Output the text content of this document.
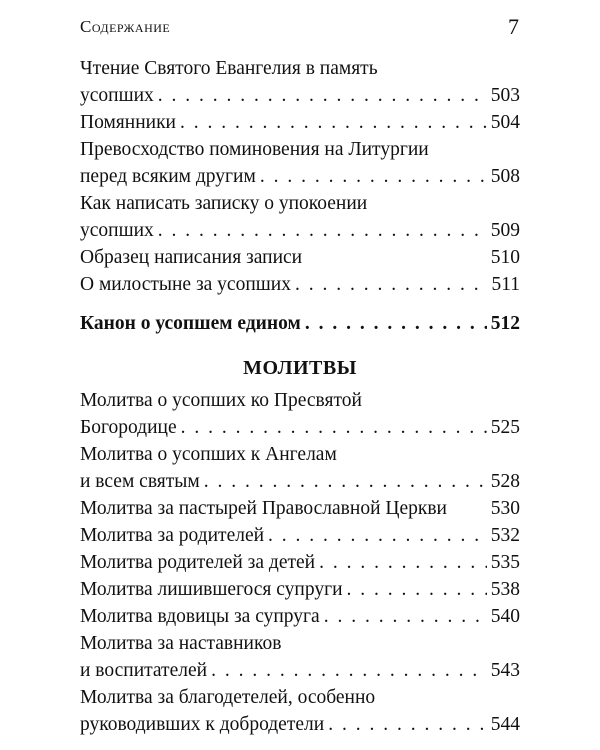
Содержание	7
Чтение Святого Евангелия в память
усопших . . .	503
Помянники . . .	504
Превосходство поминовения на Литургии
перед всяким другим . . .	508
Как написать записку о упокоении
усопших . . .	509
Образец написания записи	510
О милостыне за усопших . . .	511
Канон о усопшем едином . . .	512
МОЛИТВЫ
Молитва о усопших ко Пресвятой
Богородице . . .	525
Молитва о усопших к Ангелам
и всем святым . . .	528
Молитва за пастырей Православной Церкви 530
Молитва за родителей . . .	532
Молитва родителей за детей . . .	535
Молитва лишившегося супруги . . .	538
Молитва вдовицы за супруга . . .	540
Молитва за наставников
и воспитателей . . .	543
Молитва за благодетелей, особенно
руководивших к добродетели . . .	544
